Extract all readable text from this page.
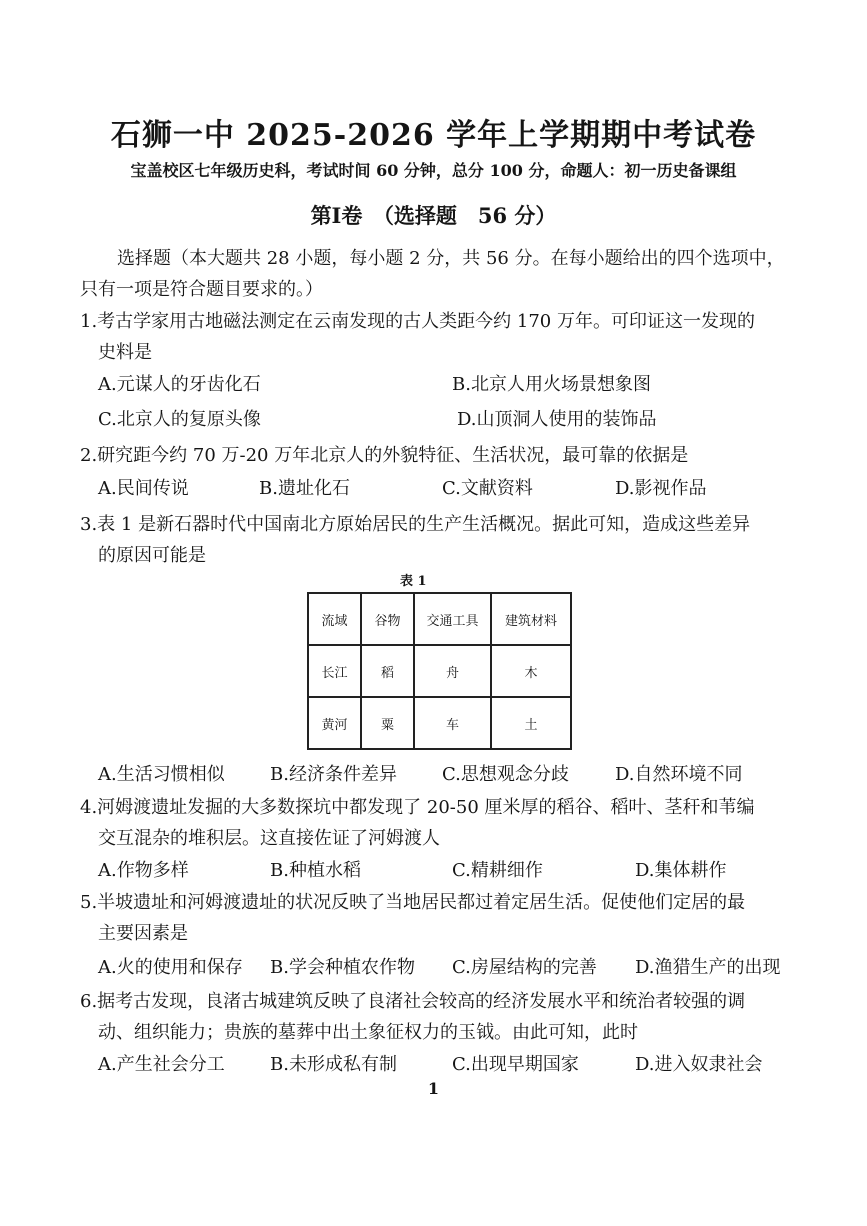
石狮一中 2025-2026 学年上学期期中考试卷
宝盖校区七年级历史科，考试时间 60 分钟，总分 100 分，命题人：初一历史备课组
第Ⅰ卷　（选择题　56 分）
选择题（本大题共 28 小题，每小题 2 分，共 56 分。在每小题给出的四个选项中，
只有一项是符合题目要求的。）
1.考古学家用古地磁法测定在云南发现的古人类距今约 170 万年。可印证这一发现的
史料是
A.元谋人的牙齿化石	B.北京人用火场景想象图
C.北京人的复原头像	D.山顶洞人使用的装饰品
2.研究距今约 70 万-20 万年北京人的外貌特征、生活状况，最可靠的依据是
A.民间传说	B.遗址化石	C.文献资料	D.影视作品
3.表 1 是新石器时代中国南北方原始居民的生产生活概况。据此可知，造成这些差异
的原因可能是
表 1
流域	谷物	交通工具	建筑材料
长江	稻	舟	木
黄河	粟	车	土
A.生活习惯相似	B.经济条件差异	C.思想观念分歧	D.自然环境不同
4.河姆渡遗址发掘的大多数探坑中都发现了 20-50 厘米厚的稻谷、稻叶、茎秆和苇编
交互混杂的堆积层。这直接佐证了河姆渡人
A.作物多样	B.种植水稻	C.精耕细作	D.集体耕作
5.半坡遗址和河姆渡遗址的状况反映了当地居民都过着定居生活。促使他们定居的最
主要因素是
A.火的使用和保存 B.学会种植农作物 C.房屋结构的完善 D.渔猎生产的出现
6.据考古发现，良渚古城建筑反映了良渚社会较高的经济发展水平和统治者较强的调
动、组织能力；贵族的墓葬中出土象征权力的玉钺。由此可知，此时
A.产生社会分工	B.未形成私有制	C.出现早期国家	D.进入奴隶社会
1
